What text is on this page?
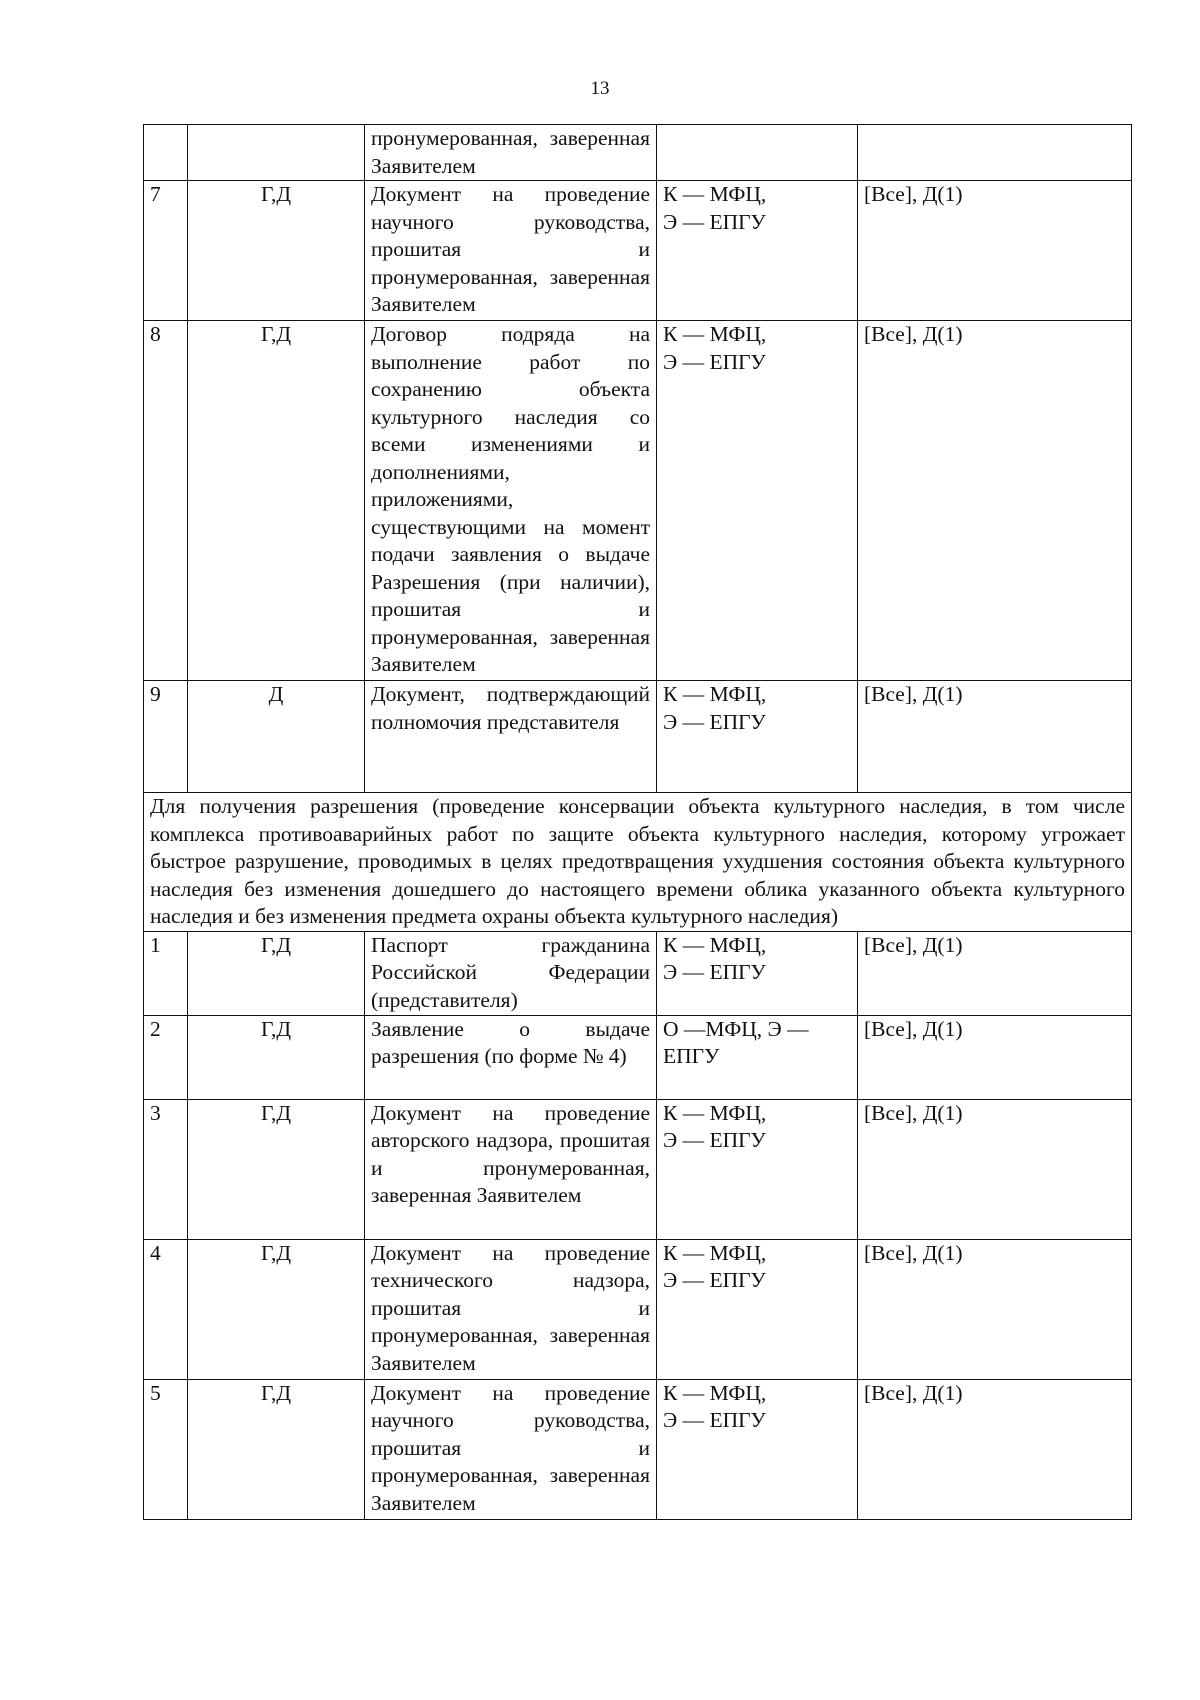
13
		пронумерованная, заверенная Заявителем	

7	Г,Д	Документ на проведение научного руководства, прошитая и пронумерованная, заверенная Заявителем	К — МФЦ,
Э — ЕПГУ	[Все], Д(1)
8	Г,Д	Договор подряда на выполнение работ по сохранению объекта культурного наследия со всеми изменениями и дополнениями, приложениями, существующими на момент подачи заявления о выдаче Разрешения (при наличии), прошитая и пронумерованная, заверенная Заявителем	К — МФЦ,
Э — ЕПГУ	[Все], Д(1)
9	Д	Документ, подтверждающий полномочия представителя	К — МФЦ,
Э — ЕПГУ	[Все], Д(1)
Для получения разрешения (проведение консервации объекта культурного наследия, в том числе комплекса противоаварийных работ по защите объекта культурного наследия, которому угрожает быстрое разрушение, проводимых в целях предотвращения ухудшения состояния объекта культурного наследия без изменения дошедшего до настоящего времени облика указанного объекта культурного наследия и без изменения предмета охраны объекта культурного наследия)				
1	Г,Д	Паспорт гражданина Российской Федерации (представителя)	К — МФЦ,
Э — ЕПГУ	[Все], Д(1)
2	Г,Д	Заявление о выдаче разрешения (по форме № 4)	О —МФЦ, Э —
ЕПГУ	[Все], Д(1)
3	Г,Д	Документ на проведение авторского надзора, прошитая и пронумерованная, заверенная Заявителем	К — МФЦ,
Э — ЕПГУ	[Все], Д(1)
4	Г,Д	Документ на проведение технического надзора, прошитая и пронумерованная, заверенная Заявителем	К — МФЦ,
Э — ЕПГУ	[Все], Д(1)
5	Г,Д	Документ на проведение научного руководства, прошитая и пронумерованная, заверенная Заявителем	К — МФЦ,
Э — ЕПГУ	[Все], Д(1)
